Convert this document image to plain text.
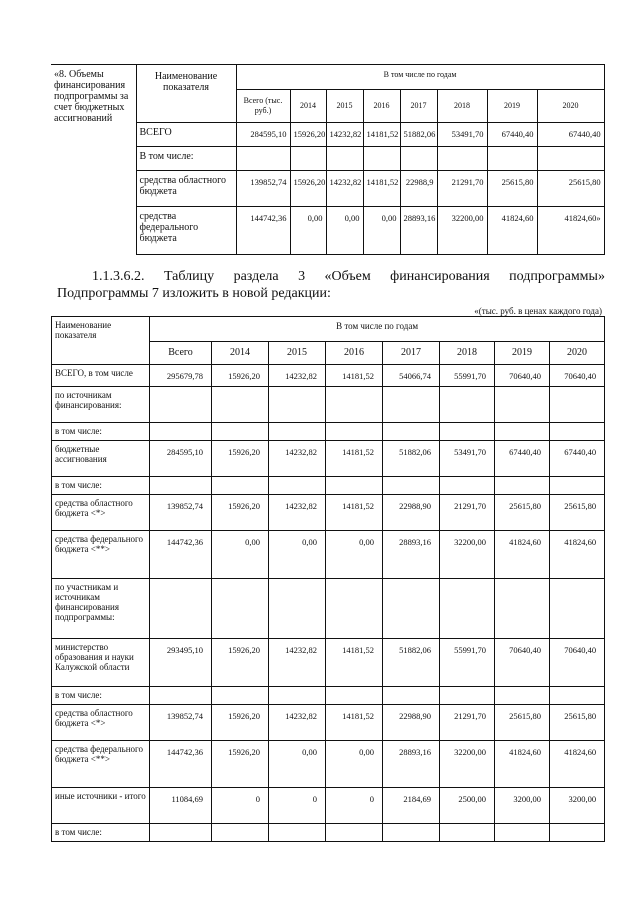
«8. Объемы финансирования подпрограммы за счет бюджетных ассигнований	Наименование показателя	В том числе по годам							
		Всего (тыс. руб.)	2014	2015	2016	2017	2018	2019	2020
	ВСЕГО	284595,10	15926,20	14232,82	14181,52	51882,06	53491,70	67440,40	67440,40
	В том числе:								
	средства областного бюджета	139852,74	15926,20	14232,82	14181,52	22988,9	21291,70	25615,80	25615,80
	средства федерального бюджета	144742,36	0,00	0,00	0,00	28893,16	32200,00	41824,60	41824,60»
1.1.3.6.2. Таблицу раздела 3 «Объем финансирования подпрограммы»
Подпрограммы 7 изложить в новой редакции:
«(тыс. руб. в ценах каждого года)
Наименование показателя	В том числе по годам							
	Всего	2014	2015	2016	2017	2018	2019	2020
ВСЕГО, в том числе	295679,78	15926,20	14232,82	14181,52	54066,74	55991,70	70640,40	70640,40
по источникам финансирования:								
в том числе:								
бюджетные ассигнования	284595,10	15926,20	14232,82	14181,52	51882,06	53491,70	67440,40	67440,40
в том числе:								
средства областного бюджета <*>	139852,74	15926,20	14232,82	14181,52	22988,90	21291,70	25615,80	25615,80
средства федерального бюджета <**>	144742,36	0,00	0,00	0,00	28893,16	32200,00	41824,60	41824,60
по участникам и источникам финансирования подпрограммы:								
министерство образования и науки Калужской области	293495,10	15926,20	14232,82	14181,52	51882,06	55991,70	70640,40	70640,40
в том числе:								
средства областного бюджета <*>	139852,74	15926,20	14232,82	14181,52	22988,90	21291,70	25615,80	25615,80
средства федерального бюджета <**>	144742,36	15926,20	0,00	0,00	28893,16	32200,00	41824,60	41824,60
иные источники - итого	11084,69	0	0	0	2184,69	2500,00	3200,00	3200,00
в том числе:								
